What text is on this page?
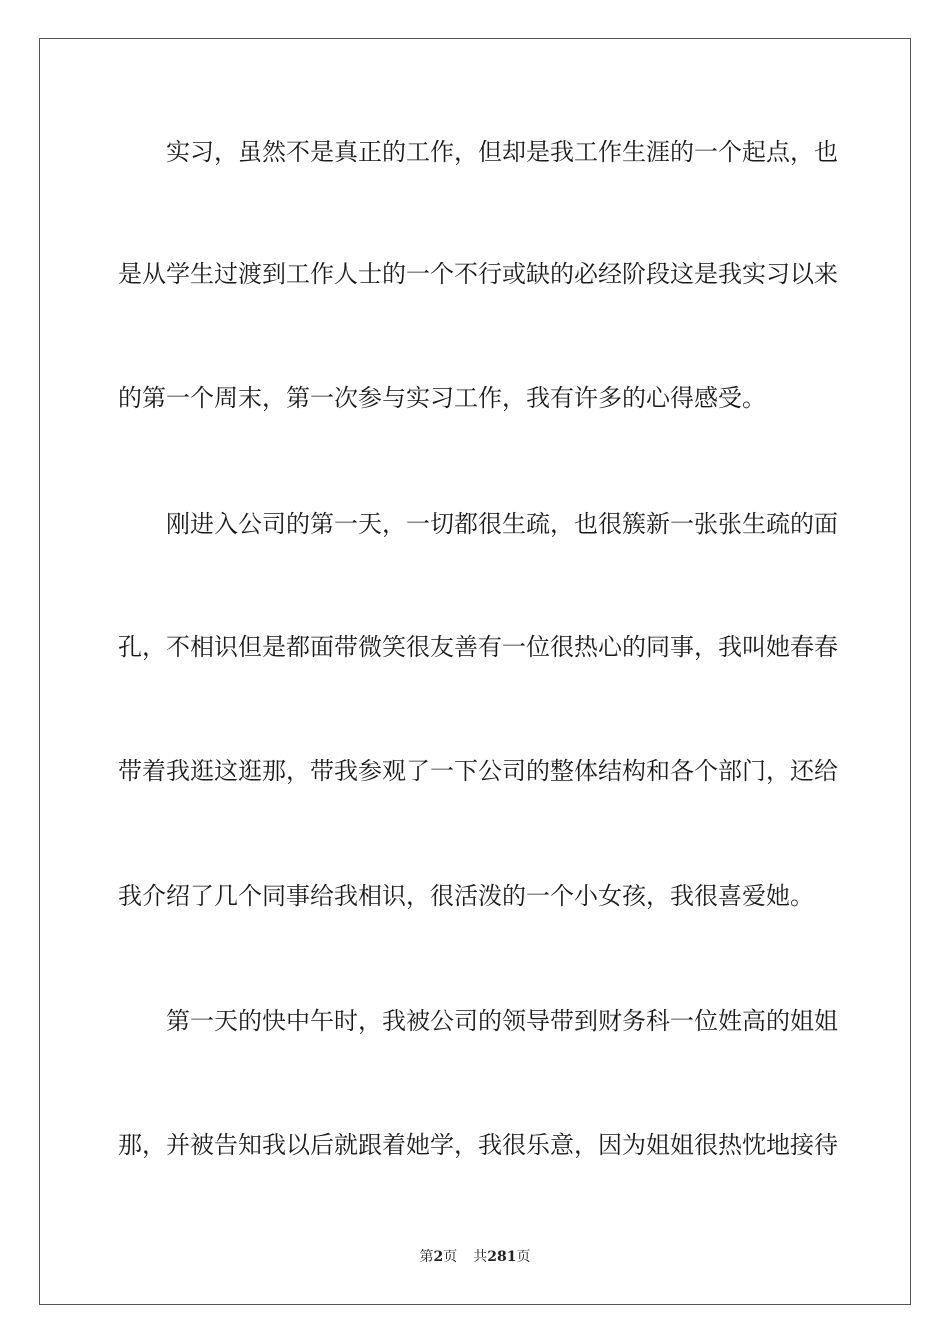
实习，虽然不是真正的工作，但却是我工作生涯的一个起点，也
是从学生过渡到工作人士的一个不行或缺的必经阶段这是我实习以来
的第一个周末，第一次参与实习工作，我有许多的心得感受。
刚进入公司的第一天，一切都很生疏，也很簇新一张张生疏的面
孔，不相识但是都面带微笑很友善有一位很热心的同事，我叫她春春
带着我逛这逛那，带我参观了一下公司的整体结构和各个部门，还给
我介绍了几个同事给我相识，很活泼的一个小女孩，我很喜爱她。
第一天的快中午时，我被公司的领导带到财务科一位姓高的姐姐
那，并被告知我以后就跟着她学，我很乐意，因为姐姐很热忱地接待
第2页 共281页
